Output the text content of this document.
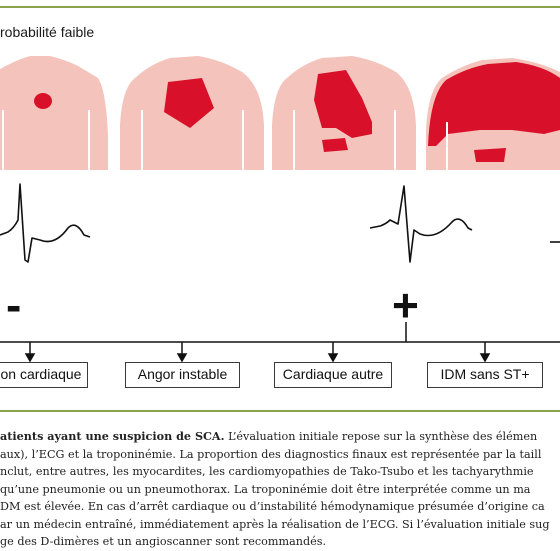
robabilité faible
-	+
on cardiaque	Angor instable	Cardiaque autre	IDM sans ST+
atients ayant une suspicion de SCA. L’évaluation initiale repose sur la synthèse des élémen
aux), l’ECG et la troponinémie. La proportion des diagnostics finaux est représentée par la taill
nclut, entre autres, les myocardites, les cardiomyopathies de Tako-Tsubo et les tachyarythmie
qu’une pneumonie ou un pneumothorax. La troponinémie doit être interprétée comme un ma
DM est élevée. En cas d’arrêt cardiaque ou d’instabilité hémodynamique présumée d’origine ca
ar un médecin entraîné, immédiatement après la réalisation de l’ECG. Si l’évaluation initiale sug
ge des D-dimères et un angioscanner sont recommandés.
